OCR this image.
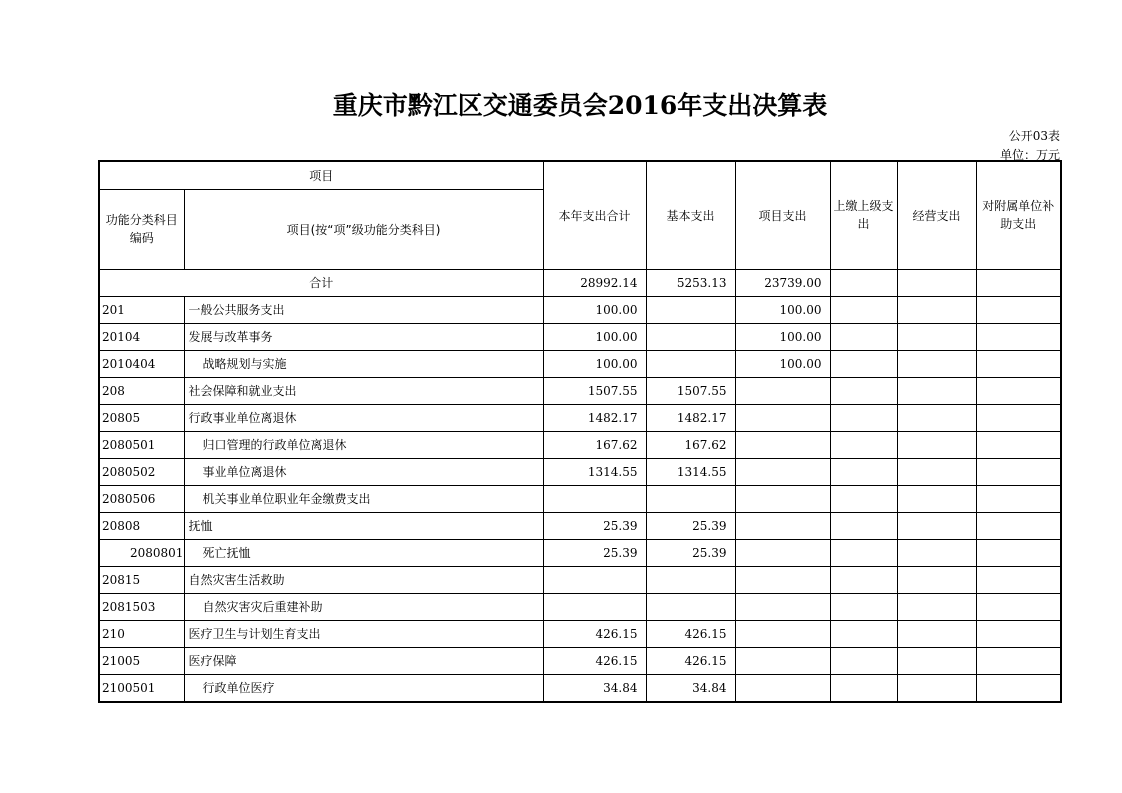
重庆市黔江区交通委员会2016年支出决算表
公开03表
单位：万元
项目		本年支出合计	基本支出	项目支出	上缴上级支出	经营支出	对附属单位补助支出
功能分类科目编码	项目(按“项”级功能分类科目)						
合计		28992.14	5253.13	23739.00			
201	一般公共服务支出	100.00		100.00			
20104	发展与改革事务	100.00		100.00			
2010404	战略规划与实施	100.00		100.00			
208	社会保障和就业支出	1507.55	1507.55				
20805	行政事业单位离退休	1482.17	1482.17				
2080501	归口管理的行政单位离退休	167.62	167.62				
2080502	事业单位离退休	1314.55	1314.55				
2080506	机关事业单位职业年金缴费支出						
20808	抚恤	25.39	25.39				
2080801	死亡抚恤	25.39	25.39				
20815	自然灾害生活救助						
2081503	自然灾害灾后重建补助						
210	医疗卫生与计划生育支出	426.15	426.15				
21005	医疗保障	426.15	426.15				
2100501	行政单位医疗	34.84	34.84				
